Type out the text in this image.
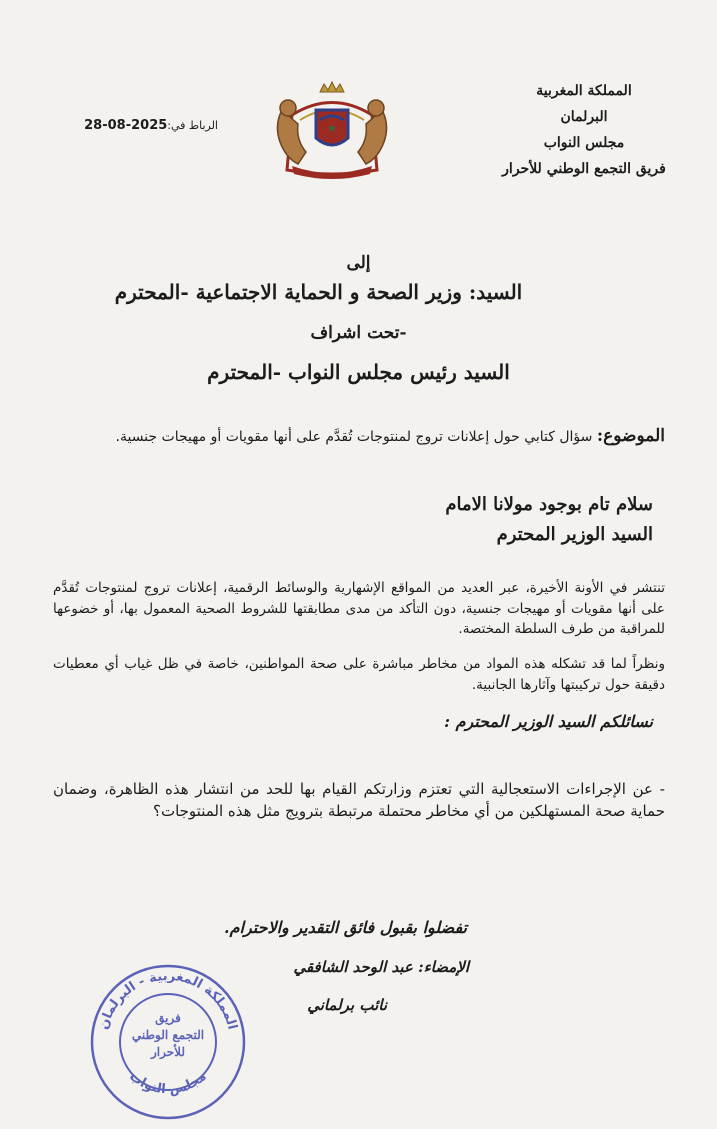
المملكة المغربية
البرلمان
مجلس النواب
فريق التجمع الوطني للأحرار
الرباط في:2025-08-28
إلى
السيد: وزير الصحة و الحماية الاجتماعية -المحترم
-تحت اشراف
السيد رئيس مجلس النواب -المحترم
الموضوع: سؤال كتابي حول إعلانات تروج لمنتوجات تُقدَّم على أنها مقويات أو مهيجات جنسية.
سلام تام بوجود مولانا الامام
السيد الوزير المحترم
تنتشر في الأونة الأخيرة، عبر العديد من المواقع الإشهارية والوسائط الرقمية، إعلانات تروج لمنتوجات تُقدَّم على أنها مقويات أو مهيجات جنسية، دون التأكد من مدى مطابقتها للشروط الصحية المعمول بها، أو خضوعها للمراقبة من طرف السلطة المختصة.
ونظراً لما قد تشكله هذه المواد من مخاطر مباشرة على صحة المواطنين، خاصة في ظل غياب أي معطيات دقيقة حول تركيبتها وآثارها الجانبية.
نسائلكم السيد الوزير المحترم :
- عن الإجراءات الاستعجالية التي تعتزم وزارتكم القيام بها للحد من انتشار هذه الظاهرة، وضمان حماية صحة المستهلكين من أي مخاطر محتملة مرتبطة بترويج مثل هذه المنتوجات؟
تفضلوا بقبول فائق التقدير والاحترام.
الإمضاء: عبد الوحد الشافقي
نائب برلماني
المملكة المغربية - البرلمان
مجلس النواب
فريق
التجمع الوطني
للأحرار
